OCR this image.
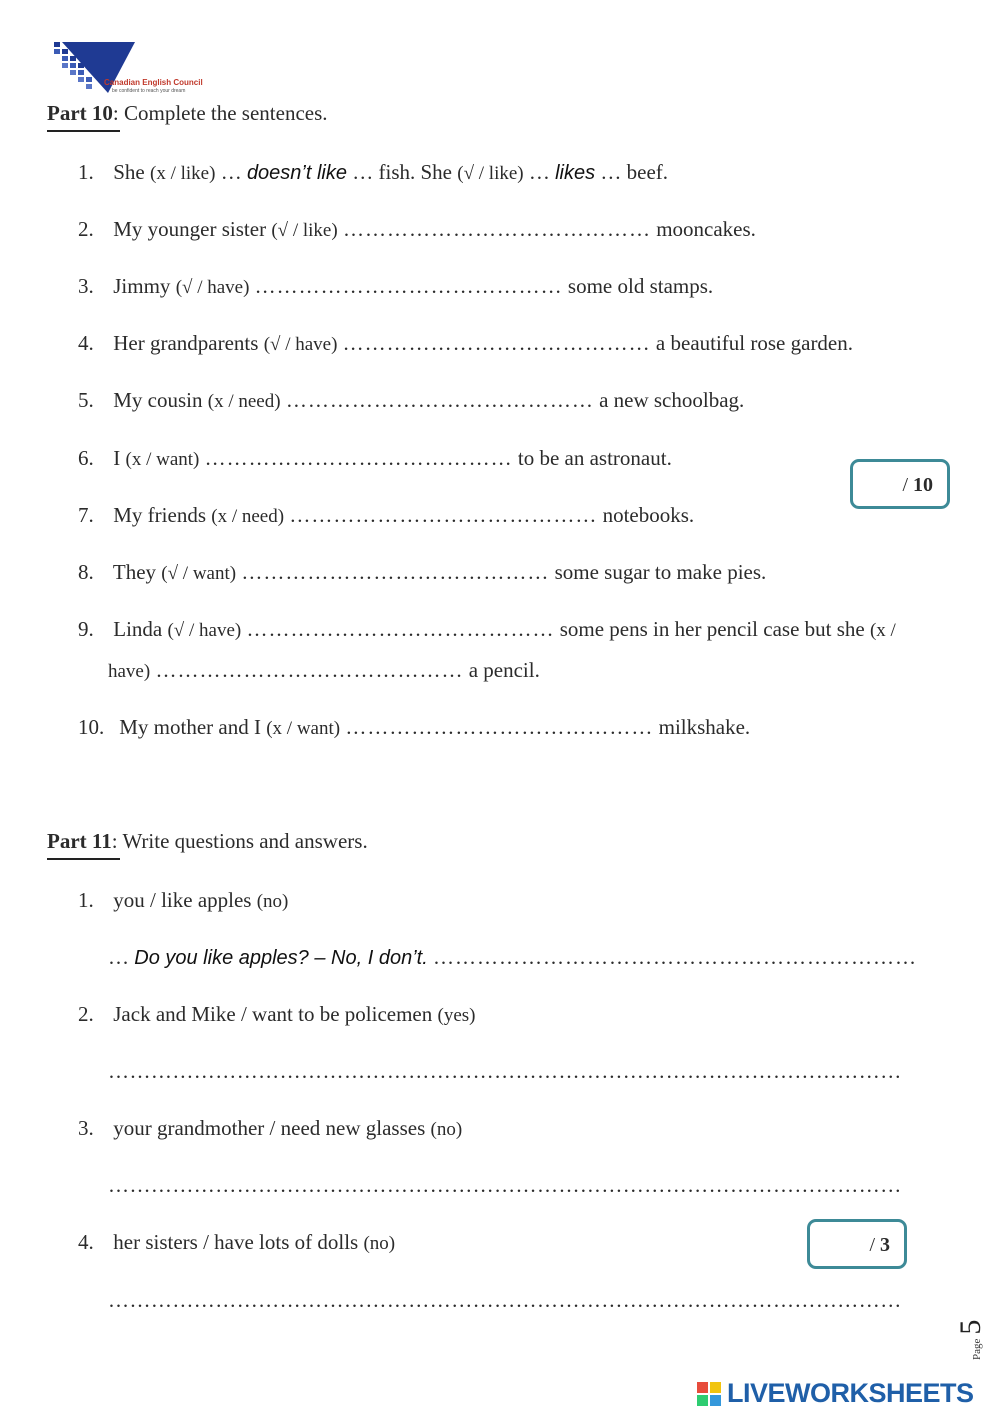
Canadian English Council
be confident to reach your dream
Part 10: Complete the sentences.
1. She (x / like) … doesn’t like … fish. She (√ / like) … likes … beef.
2. My younger sister (√ / like) …………………………………… mooncakes.
3. Jimmy (√ / have) …………………………………… some old stamps.
4. Her grandparents (√ / have) …………………………………… a beautiful rose garden.
5. My cousin (x / need) …………………………………… a new schoolbag.
6. I (x / want) …………………………………… to be an astronaut.
/ 10
7. My friends (x / need) …………………………………… notebooks.
8. They (√ / want) …………………………………… some sugar to make pies.
9. Linda (√ / have) …………………………………… some pens in her pencil case but she (x /
have) …………………………………… a pencil.
10. My mother and I (x / want) …………………………………… milkshake.
Part 11: Write questions and answers.
1. you / like apples (no)
… Do you like apples? – No, I don’t. …………………………………………………………
2. Jack and Mike / want to be policemen (yes)
…………………………………………………………………………………………………
3. your grandmother / need new glasses (no)
…………………………………………………………………………………………………
4. her sisters / have lots of dolls (no)	/ 3
…………………………………………………………………………………………………
Page 5
LIVEWORKSHEETS
